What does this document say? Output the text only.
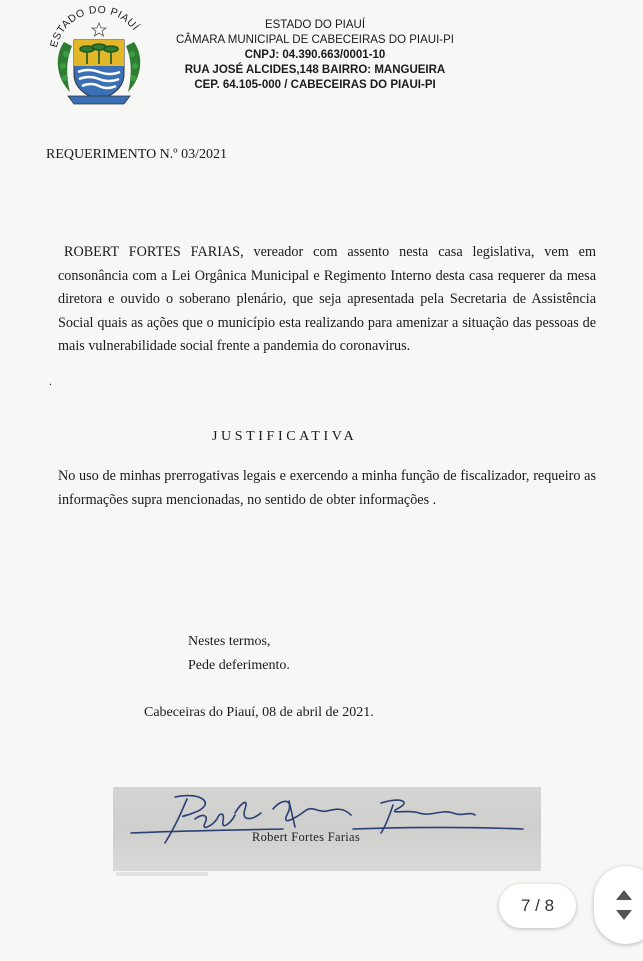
ESTADO DO PIAUÍ	ESTADO DO PIAUÍ
CÂMARA MUNICIPAL DE CABECEIRAS DO PIAUI-PI
CNPJ: 04.390.663/0001-10
RUA JOSÉ ALCIDES,148 BAIRRO: MANGUEIRA
CEP. 64.105-000 / CABECEIRAS DO PIAUI-PI
REQUERIMENTO N.º 03/2021
ROBERT FORTES FARIAS, vereador com assento nesta casa legislativa, vem em consonância com a Lei Orgânica Municipal e Regimento Interno desta casa requerer da mesa diretora e ouvido o soberano plenário, que seja apresentada pela Secretaria de Assistência Social quais as ações que o município esta realizando para amenizar a situação das pessoas de mais vulnerabilidade social frente a pandemia do coronavirus.
.
JUSTIFICATIVA
No uso de minhas prerrogativas legais e exercendo a minha função de fiscalizador, requeiro as informações supra mencionadas, no sentido de obter informações .
Nestes termos,
Pede deferimento.
Cabeceiras do Piauí, 08 de abril de 2021.
Robert Fortes Farias
7 / 8
